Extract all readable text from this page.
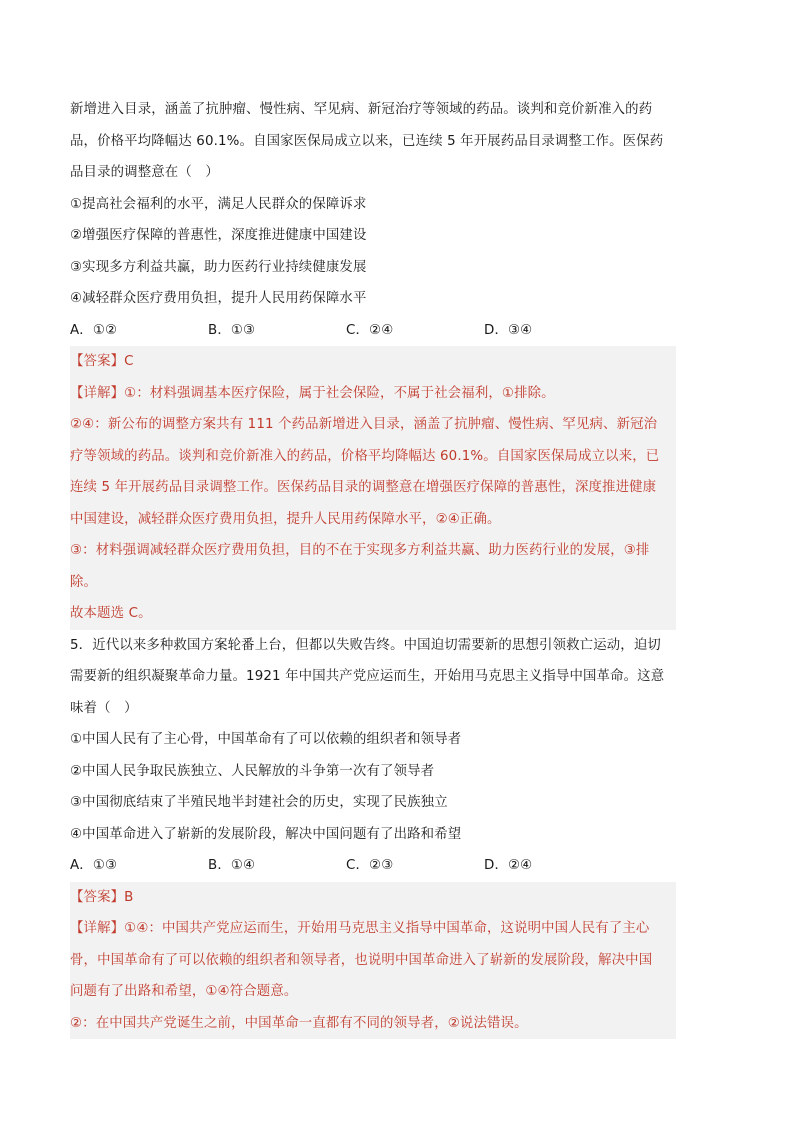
新增进入目录，涵盖了抗肿瘤、慢性病、罕见病、新冠治疗等领域的药品。谈判和竞价新准入的药
品，价格平均降幅达 60.1%。自国家医保局成立以来，已连续 5 年开展药品目录调整工作。医保药
品目录的调整意在（　）
①提高社会福利的水平，满足人民群众的保障诉求
②增强医疗保障的普惠性，深度推进健康中国建设
③实现多方利益共赢，助力医药行业持续健康发展
④减轻群众医疗费用负担，提升人民用药保障水平
A．①②	B．①③	C．②④	D．③④
【答案】C
【详解】①：材料强调基本医疗保险，属于社会保险，不属于社会福利，①排除。
②④：新公布的调整方案共有 111 个药品新增进入目录，涵盖了抗肿瘤、慢性病、罕见病、新冠治
疗等领域的药品。谈判和竞价新准入的药品，价格平均降幅达 60.1%。自国家医保局成立以来，已
连续 5 年开展药品目录调整工作。医保药品目录的调整意在增强医疗保障的普惠性，深度推进健康
中国建设，减轻群众医疗费用负担，提升人民用药保障水平，②④正确。
③：材料强调减轻群众医疗费用负担，目的不在于实现多方利益共赢、助力医药行业的发展，③排
除。
故本题选 C。
5．近代以来多种救国方案轮番上台，但都以失败告终。中国迫切需要新的思想引领救亡运动，迫切
需要新的组织凝聚革命力量。1921 年中国共产党应运而生，开始用马克思主义指导中国革命。这意
味着（　）
①中国人民有了主心骨，中国革命有了可以依赖的组织者和领导者
②中国人民争取民族独立、人民解放的斗争第一次有了领导者
③中国彻底结束了半殖民地半封建社会的历史，实现了民族独立
④中国革命进入了崭新的发展阶段，解决中国问题有了出路和希望
A．①③	B．①④	C．②③	D．②④
【答案】B
【详解】①④：中国共产党应运而生，开始用马克思主义指导中国革命，这说明中国人民有了主心
骨，中国革命有了可以依赖的组织者和领导者，也说明中国革命进入了崭新的发展阶段，解决中国
问题有了出路和希望，①④符合题意。
②：在中国共产党诞生之前，中国革命一直都有不同的领导者，②说法错误。
